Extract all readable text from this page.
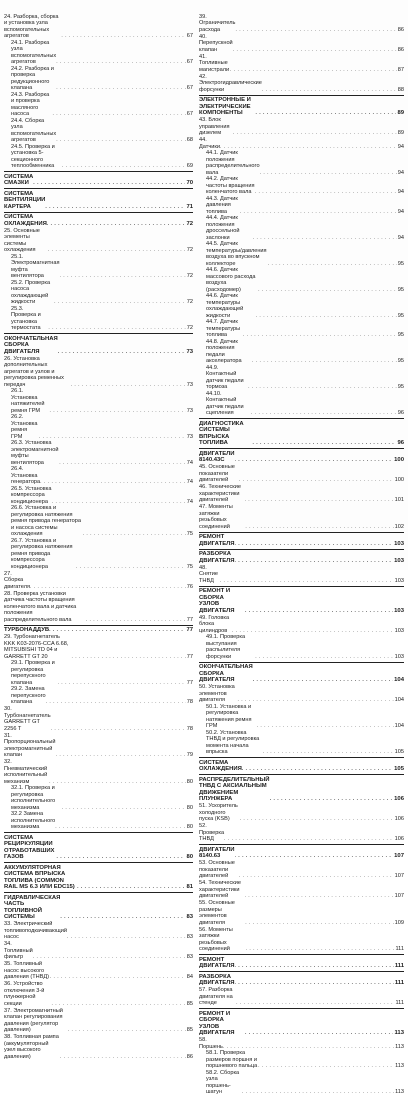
24. Разборка, сборка и установка узла вспомогательных агрегатов . . .	67
24.1. Разборка узла вспомогательных агрегатов . . .	67
24.2. Разборка и проверка редукционного клапана . . .	67
24.3. Разборка и проверка масляного насоса . . .	67
24.4. Сборка узла вспомогательных агрегатов . . .	68
24.5. Проверка и установка 5-секционного теплообменника . . .	69
СИСТЕМА СМАЗКИ . . .	70
СИСТЕМА ВЕНТИЛЯЦИИ КАРТЕРА . . .	71
СИСТЕМА ОХЛАЖДЕНИЯ . . .	72
25. Основные элементы системы охлаждения . . .	72
25.1. Электромагнитная муфта вентилятора . . .	72
25.2. Проверка насоса охлаждающей жидкости . . .	72
25.3. Проверка и установка термостата . . .	72
ОКОНЧАТЕЛЬНАЯ СБОРКА ДВИГАТЕЛЯ . . .	73
26. Установка дополнительных агрегатов и узлов и регулировка ременных передач . . .	73
26.1. Установка натяжителей ремня ГРМ . . .	73
26.2. Установка ремня ГРМ . . .	73
26.3. Установка электромагнитной муфты вентилятора . . .	74
26.4. Установка генератора . . .	74
26.5. Установка компрессора кондиционера . . .	74
26.6. Установка и регулировка натяжения ремня привода генератора и насоса системы охлаждения . . .	75
26.7. Установка и регулировка натяжения ремня привода компрессора кондиционера . . .	75
27. Сборка двигателя . . .	76
28. Проверка установки датчика частоты вращения коленчатого вала и датчика положения распределительного вала . . .	77
ТУРБОНАДДУВ . . .	77
29. Турбонагнетатель KKK K03-2076-CCA 6.68, MITSUBISHI TD 04 и GARRETT GT 20 . . .	77
29.1. Проверка и регулировка перепускного клапана . . .	77
29.2. Замена перепускного клапана . . .	78
30. Турбонагнетатель GARRETT GT 2256 T . . .	78
31. Пропорциональный электромагнитный клапан . . .	79
32. Пневматический исполнительный механизм . . .	80
32.1. Проверка и регулировка исполнительного механизма . . .	80
32.2 Замена исполнительного механизма . . .	80
СИСТЕМА РЕЦИРКУЛЯЦИИ ОТРАБОТАВШИХ ГАЗОВ . . .	80
АККУМУЛЯТОРНАЯ СИСТЕМА ВПРЫСКА ТОПЛИВА (COMMON RAIL MS 6.3 ИЛИ EDC15) . . .	81
ГИДРАВЛИЧЕСКАЯ ЧАСТЬ ТОПЛИВНОЙ СИСТЕМЫ . . .	83
33. Электрический топливоподкачивающий насос . . .	83
34. Топливный фильтр . . .	83
35. Топливный насос высокого давления (ТНВД) . . .	84
36. Устройство отключения 3-й плунжерной секции . . .	85
37. Электромагнитный клапан регулирования давления (регулятор давления) . . .	85
38. Топливная рампа (аккумуляторный узел высокого давления) . . .	86
39. Ограничитель расхода . . .	86
40. Перепускной клапан . . .	86
41. Топливные магистрали . . .	87
42. Электрогидравлические форсунки . . .	88
ЭЛЕКТРОННЫЕ И ЭЛЕКТРИЧЕСКИЕ КОМПОНЕНТЫ . . .	89
43. Блок управления дизелем . . .	89
44. Датчики . . .	94
44.1. Датчик положения распределительного вала . . .	94
44.2. Датчик частоты вращения коленчатого вала . . .	94
44.3. Датчик давления топлива . . .	94
44.4. Датчик положения дроссельной заслонки . . .	94
44.5. Датчик температуры/давления воздуха во впускном коллекторе . . .	95
44.6. Датчик массового расхода воздуха (расходомер) . . .	95
44.6. Датчик температуры охлаждающей жидкости . . .	95
44.7. Датчик температуры топлива . . .	95
44.8. Датчик положения педали акселератора . . .	95
44.9. Контактный датчик педали тормоза . . .	95
44.10. Контактный датчик педали сцепления . . .	96
ДИАГНОСТИКА СИСТЕМЫ ВПРЫСКА ТОПЛИВА . . .	96
ДВИГАТЕЛИ 8140.43С . . .	100
45. Основные показатели двигателей . . .	100
46. Технические характеристики двигателей . . .	101
47. Моменты затяжки резьбовых соединений . . .	102
РЕМОНТ ДВИГАТЕЛЯ . . .	103
РАЗБОРКА ДВИГАТЕЛЯ . . .	103
48. Снятие ТНВД . . .	103
РЕМОНТ И СБОРКА УЗЛОВ ДВИГАТЕЛЯ . . .	103
49. Головка блока цилиндров . . .	103
49.1. Проверка выступания распылителя форсунки . . .	103
ОКОНЧАТЕЛЬНАЯ СБОРКА ДВИГАТЕЛЯ . . .	104
50. Установка элементов двигателя . . .	104
50.1. Установка и регулировка натяжения ремня ГРМ . . .	104
50.2. Установка ТНВД и регулировка момента начала впрыска . . .	105
СИСТЕМА ОХЛАЖДЕНИЯ . . .	105
РАСПРЕДЕЛИТЕЛЬНЫЙ ТНВД С АКСИАЛЬНЫМ ДВИЖЕНИЕМ ПЛУНЖЕРА . . .	106
51. Ускоритель холодного пуска (KSB) . . .	106
52. Проверка ТНВД . . .	106
ДВИГАТЕЛИ 8140.63 . . .	107
53. Основные показатели двигателей . . .	107
54. Технические характеристики двигателей . . .	107
55. Основные размеры элементов двигателя . . .	109
56. Моменты затяжки резьбовых соединений . . .	111
РЕМОНТ ДВИГАТЕЛЯ . . .	111
РАЗБОРКА ДВИГАТЕЛЯ . . .	111
57. Разборка двигателя на стенде . . .	111
РЕМОНТ И СБОРКА УЗЛОВ ДВИГАТЕЛЯ . . .	113
58. Поршень . . .	113
58.1. Проверка размеров поршня и поршневого пальца . . .	113
58.2. Сборка узла поршень-шатун . . .	113
